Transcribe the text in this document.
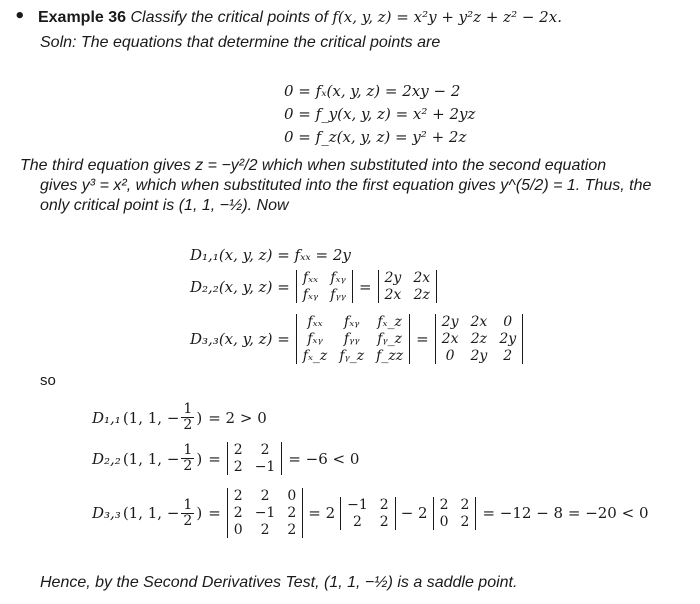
• Example 36 Classify the critical points of f(x, y, z) = x²y + y²z + z² − 2x.
Soln: The equations that determine the critical points are
0 = fₓ(x, y, z) = 2xy − 2
0 = f_y(x, y, z) = x² + 2yz
0 = f_z(x, y, z) = y² + 2z
The third equation gives z = −y²/2 which when substituted into the second equation
gives y³ = x², which when substituted into the first equation gives y^(5/2) = 1. Thus, the
only critical point is (1, 1, −½). Now
D₁,₁(x, y, z) = fₓₓ = 2y
D₂,₂(x, y, z) = fₓₓ fₓᵧ
fₓᵧ fᵧᵧ = 2y 2x
2x 2z
D₃,₃(x, y, z) =
fₓₓ fₓᵧ fₓ_z
fₓᵧ fᵧᵧ fᵧ_z
fₓ_z fᵧ_z f_zz
=
2y 2x 0
2x 2z 2y
0 2y 2
so
D₁,₁ (1, 1, − $\frac{1}{2}$ ) = 2 > 0
D₂,₂ (1, 1, − $\frac{1}{2}$ ) = 2 2
2 −1 = −6 < 0
D₃,₃ (1, 1, − $\frac{1}{2}$ ) =
2 2 0
2 −1 2
0 2 2
= 2 −1 2
2 2 − 2 2 2
0 2 = −12 − 8 = −20 < 0
Hence, by the Second Derivatives Test, (1, 1, −½) is a saddle point.
